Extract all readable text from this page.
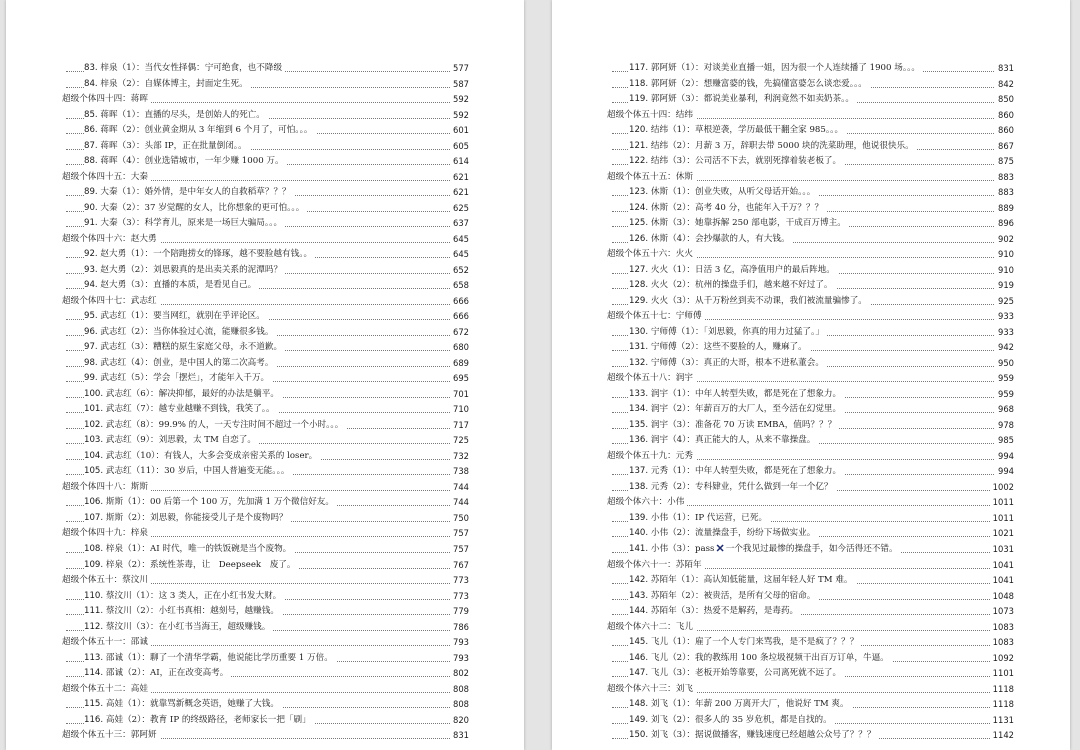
83. 梓泉（1）：当代女性择偶：宁可绝食，也不降级	577
84. 梓泉（2）：自媒体博主，封面定生死。	587
超级个体四十四：蒋晖	592
85. 蒋晖（1）：直播的尽头，是创始人的死亡。	592
86. 蒋晖（2）：创业黄金期从 3 年缩到 6 个月了，可怕。。。	601
87. 蒋晖（3）：头部 IP，正在批量倒闭。。	605
88. 蒋晖（4）：创业选错城市，一年少赚 1000 万。	614
超级个体四十五：大秦	621
89. 大秦（1）：婚外情，是中年女人的自救稻草？？？	621
90. 大秦（2）：37 岁觉醒的女人，比你想象的更可怕。。。	625
91. 大秦（3）：科学育儿，原来是一场巨大骗局。。。	637
超级个体四十六：赵大勇	645
92. 赵大勇（1）：一个陪跑捞女的锋琢，越不要脸越有钱。。	645
93. 赵大勇（2）：刘思毅真的是出卖关系的泥潭吗？	652
94. 赵大勇（3）：直播的本质，是看见自己。	658
超级个体四十七：武志红	666
95. 武志红（1）：要当网红，就别在乎评论区。	666
96. 武志红（2）：当你体验过心流，能赚很多钱。	672
97. 武志红（3）：糟糕的原生家庭父母，永不道歉。	680
98. 武志红（4）：创业，是中国人的第二次高考。	689
99. 武志红（5）：学会「摆烂」，才能年入千万。	695
100. 武志红（6）：解决抑郁，最好的办法是躺平。	701
101. 武志红（7）：越专业越赚不到钱，我笑了。。	710
102. 武志红（8）：99.9% 的人，一天专注时间不超过一个小时。。。	717
103. 武志红（9）：刘思毅，太 TM 自恋了。	725
104. 武志红（10）：有钱人，大多会变成亲密关系的 loser。	732
105. 武志红（11）：30 岁后，中国人普遍变无能。。。	738
超级个体四十八：斯斯	744
106. 斯斯（1）：00 后第一个 100 万，先加满 1 万个微信好友。	744
107. 斯斯（2）：刘思毅，你能接受儿子是个废物吗？	750
超级个体四十九：梓泉	757
108. 梓泉（1）：AI 时代，唯一的铁饭碗是当个废物。	757
109. 梓泉（2）：系统性茶毒，让　Deepseek　废了。	767
超级个体五十：蔡汶川	773
110. 蔡汶川（1）：这 3 类人，正在小红书发大财。	773
111. 蔡汶川（2）：小红书真相：越刻号，越赚钱。	779
112. 蔡汶川（3）：在小红书当海王，超级赚钱。	786
超级个体五十一：邵诚	793
113. 邵诚（1）：聊了一个清华学霸，他说能比学历重要 1 万倍。	793
114. 邵诚（2）：AI，正在改变高考。	802
超级个体五十二：高娃	808
115. 高娃（1）：就靠骂新概念英语，她赚了大钱。	808
116. 高娃（2）：教育 IP 的终级路径，老师家长一把「刷」	820
超级个体五十三：郭阿妍	831
117. 郭阿妍（1）：对谈美业直播一姐，因为很一个人连续播了 1900 场。。。	831
118. 郭阿妍（2）：想赚富婆的钱，先搞懂富婆怎么谈恋爱。。。	842
119. 郭阿妍（3）：都说美业暴利，利润竟然不如卖奶茶。。	850
超级个体五十四：结纬	860
120. 结纬（1）：草根逆袭，学历最低干翻全家 985。。。	860
121. 结纬（2）：月薪 3 万，辞职去带 5000 块的洗菜助理，他说很快乐。	867
122. 结纬（3）：公司活不下去，就别死撑着装老板了。	875
超级个体五十五：休斯	883
123. 休斯（1）：创业失败，从听父母话开始。。。	883
124. 休斯（2）：高考 40 分，也能年入千万？？？	889
125. 休斯（3）：她靠拆解 250 部电影，干成百万博主。	896
126. 休斯（4）：会抄爆款的人，有大钱。	902
超级个体五十六：火火	910
127. 火火（1）：日活 3 亿，高净值用户的最后阵地。	910
128. 火火（2）：杭州的操盘手们，越来越不好过了。	919
129. 火火（3）：从千万粉丝到卖不动课，我们被流量骗惨了。	925
超级个体五十七：宁师傅	933
130. 宁师傅（1）：「刘思毅，你真的用力过猛了。」	933
131. 宁师傅（2）：这些不要脸的人，赚麻了。	942
132. 宁师傅（3）：真正的大哥，根本不进私董会。	950
超级个体五十八：润宇	959
133. 润宇（1）：中年人转型失败，都是死在了想象力。	959
134. 润宇（2）：年薪百万的大厂人，至今活在幻觉里。	968
135. 润宇（3）：准备花 70 万读 EMBA，值吗？？？	978
136. 润宇（4）：真正能大的人，从来不靠操盘。	985
超级个体五十九：元秀	994
137. 元秀（1）：中年人转型失败，都是死在了想象力。	994
138. 元秀（2）：专科肄业，凭什么做到一年一个亿？	1002
超级个体六十：小伟	1011
139. 小伟（1）：IP 代运营，已死。	1011
140. 小伟（2）：流量操盘手，纷纷下场做实业。	1021
141. 小伟（3）：pass✕一个我见过最惨的操盘手，如今活得还不错。	1031
超级个体六十一：苏陌年	1041
142. 苏陌年（1）：高认知低能量，这届年轻人好 TM 难。	1041
143. 苏陌年（2）：被贵活，是所有父母的宿命。	1048
144. 苏陌年（3）：热爱不是解药，是毒药。	1073
超级个体六十二：飞儿	1083
145. 飞儿（1）：雇了一个人专门来骂我，是不是疯了？？？	1083
146. 飞儿（2）：我的教练用 100 条垃圾视频干出百万订单，牛逼。	1092
147. 飞儿（3）：老板开始等靠要，公司离死就不远了。	1101
超级个体六十三：刘飞	1118
148. 刘飞（1）：年薪 200 万离开大厂，他说好 TM 爽。	1118
149. 刘飞（2）：很多人的 35 岁危机，都是自找的。	1131
150. 刘飞（3）：据说做播客，赚钱速度已经超越公众号了？？？	1142
